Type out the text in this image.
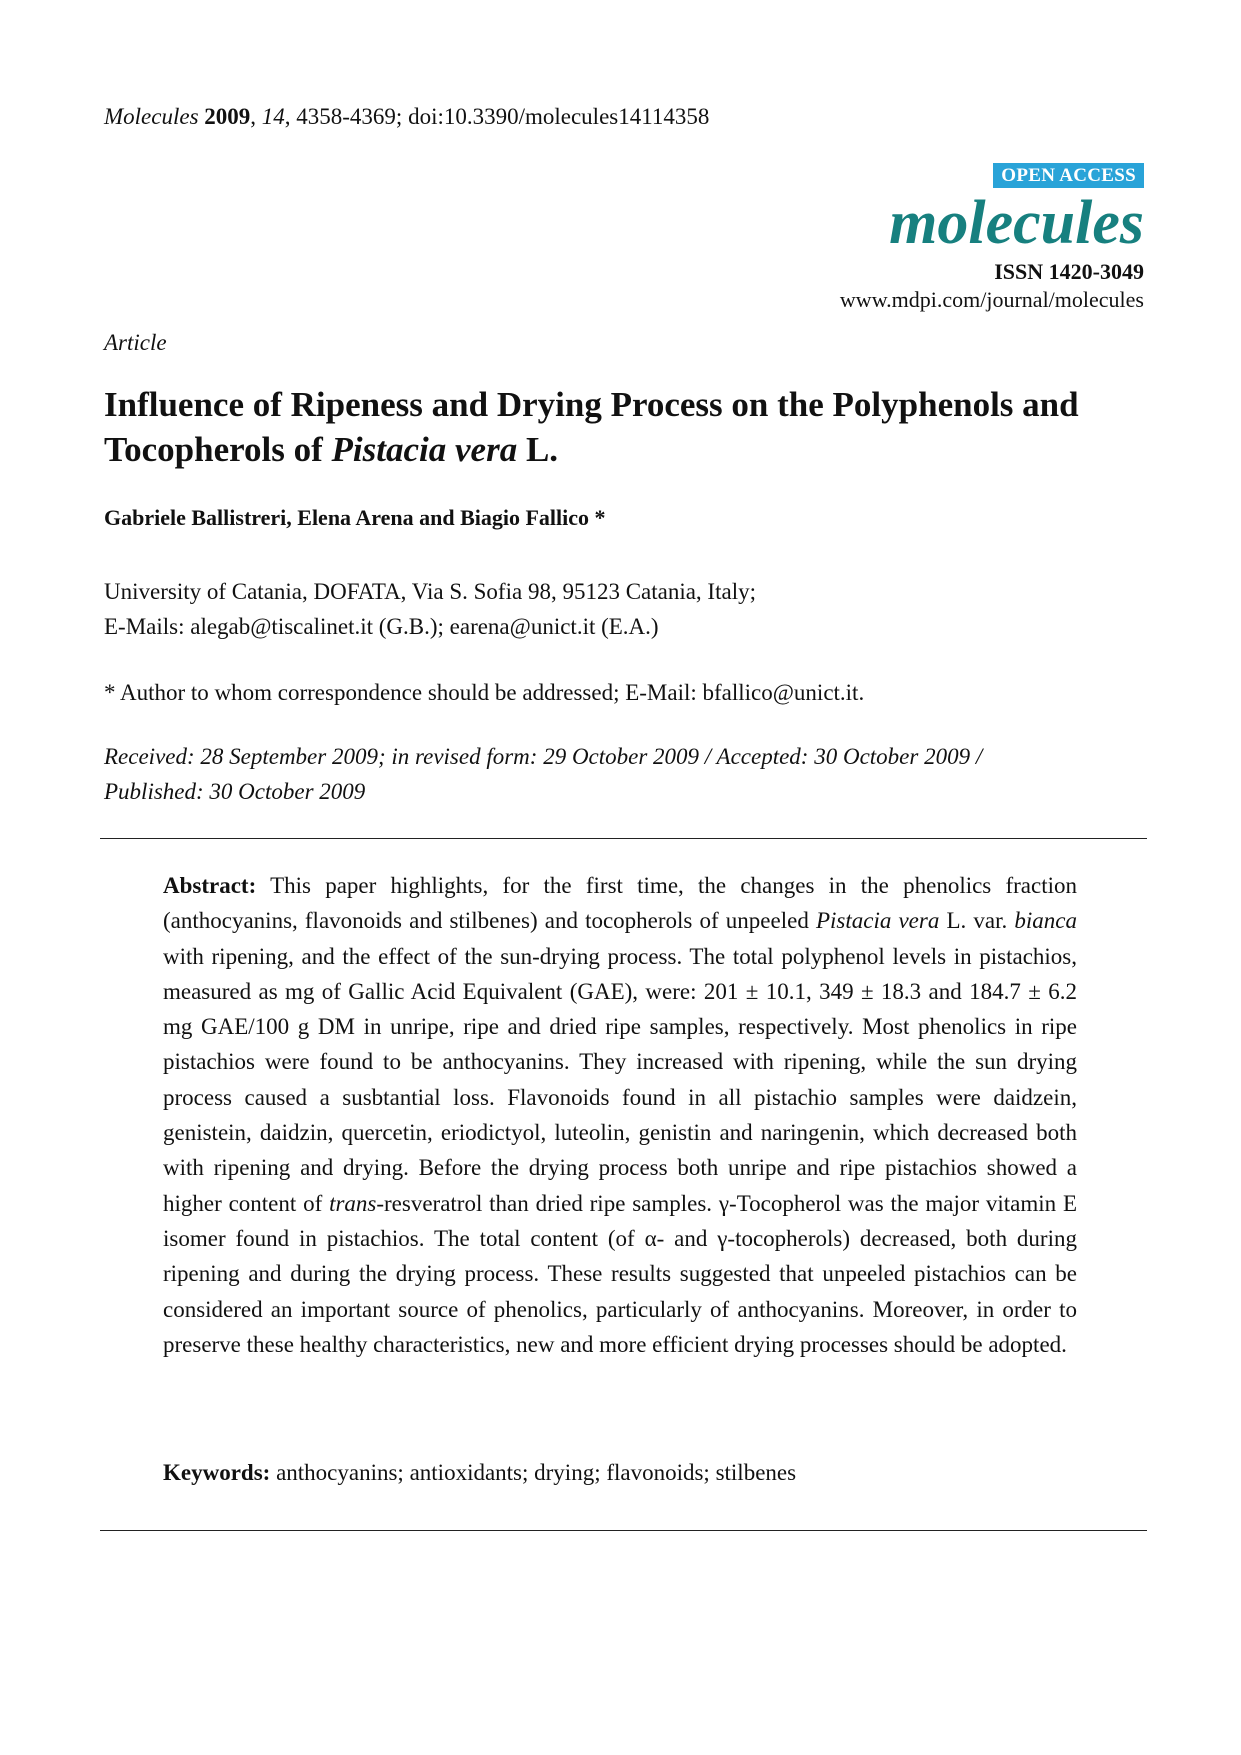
Molecules 2009, 14, 4358-4369; doi:10.3390/molecules14114358
OPEN ACCESS
molecules
ISSN 1420-3049
www.mdpi.com/journal/molecules
Article
Influence of Ripeness and Drying Process on the Polyphenols and Tocopherols of Pistacia vera L.
Gabriele Ballistreri, Elena Arena and Biagio Fallico *
University of Catania, DOFATA, Via S. Sofia 98, 95123 Catania, Italy;
E-Mails: alegab@tiscalinet.it (G.B.); earena@unict.it (E.A.)
* Author to whom correspondence should be addressed; E-Mail: bfallico@unict.it.
Received: 28 September 2009; in revised form: 29 October 2009 / Accepted: 30 October 2009 /
Published: 30 October 2009

Abstract: This paper highlights, for the first time, the changes in the phenolics fraction (anthocyanins, flavonoids and stilbenes) and tocopherols of unpeeled Pistacia vera L. var. bianca with ripening, and the effect of the sun-drying process. The total polyphenol levels in pistachios, measured as mg of Gallic Acid Equivalent (GAE), were: 201 ± 10.1, 349 ± 18.3 and 184.7 ± 6.2 mg GAE/100 g DM in unripe, ripe and dried ripe samples, respectively. Most phenolics in ripe pistachios were found to be anthocyanins. They increased with ripening, while the sun drying process caused a susbtantial loss. Flavonoids found in all pistachio samples were daidzein, genistein, daidzin, quercetin, eriodictyol, luteolin, genistin and naringenin, which decreased both with ripening and drying. Before the drying process both unripe and ripe pistachios showed a higher content of trans-resveratrol than dried ripe samples. γ-Tocopherol was the major vitamin E isomer found in pistachios. The total content (of α- and γ-tocopherols) decreased, both during ripening and during the drying process. These results suggested that unpeeled pistachios can be considered an important source of phenolics, particularly of anthocyanins. Moreover, in order to preserve these healthy characteristics, new and more efficient drying processes should be adopted.

Keywords: anthocyanins; antioxidants; drying; flavonoids; stilbenes
